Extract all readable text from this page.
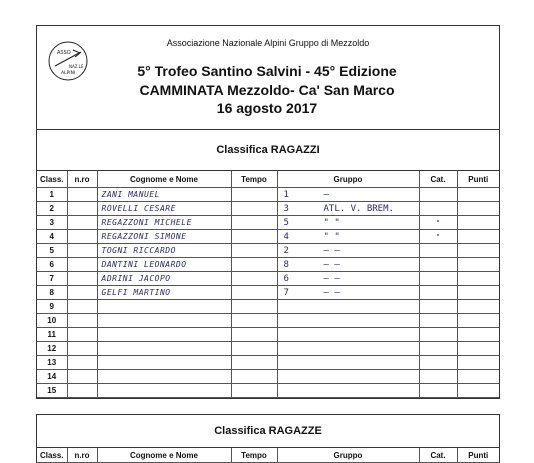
ASSO
NAZ.LE
ALPINI
Associazione Nazionale Alpini Gruppo di Mezzoldo
5° Trofeo Santino Salvini - 45° Edizione
CAMMINATA Mezzoldo- Ca' San Marco
16 agosto 2017
Classifica RAGAZZI
Class.	n.ro	Cognome e Nome	Tempo	Gruppo	Cat.	Punti
1		ZANI MANUEL		1 —		
2		ROVELLI CESARE		3 ATL. V. BREM.		
3		REGAZZONI MICHELE		5 " "	"	
4		REGAZZONI SIMONE		4 " "	"	
5		TOGNI RICCARDO		2 — —		
6		DANTINI LEONARDO		8 — —		
7		ADRINI JACOPO		6 — —		
8		GELFI MARTINO		7 — —		
9						
10						
11						
12						
13						
14						
15						
Classifica RAGAZZE
Class.	n.ro	Cognome e Nome	Tempo	Gruppo	Cat.	Punti
